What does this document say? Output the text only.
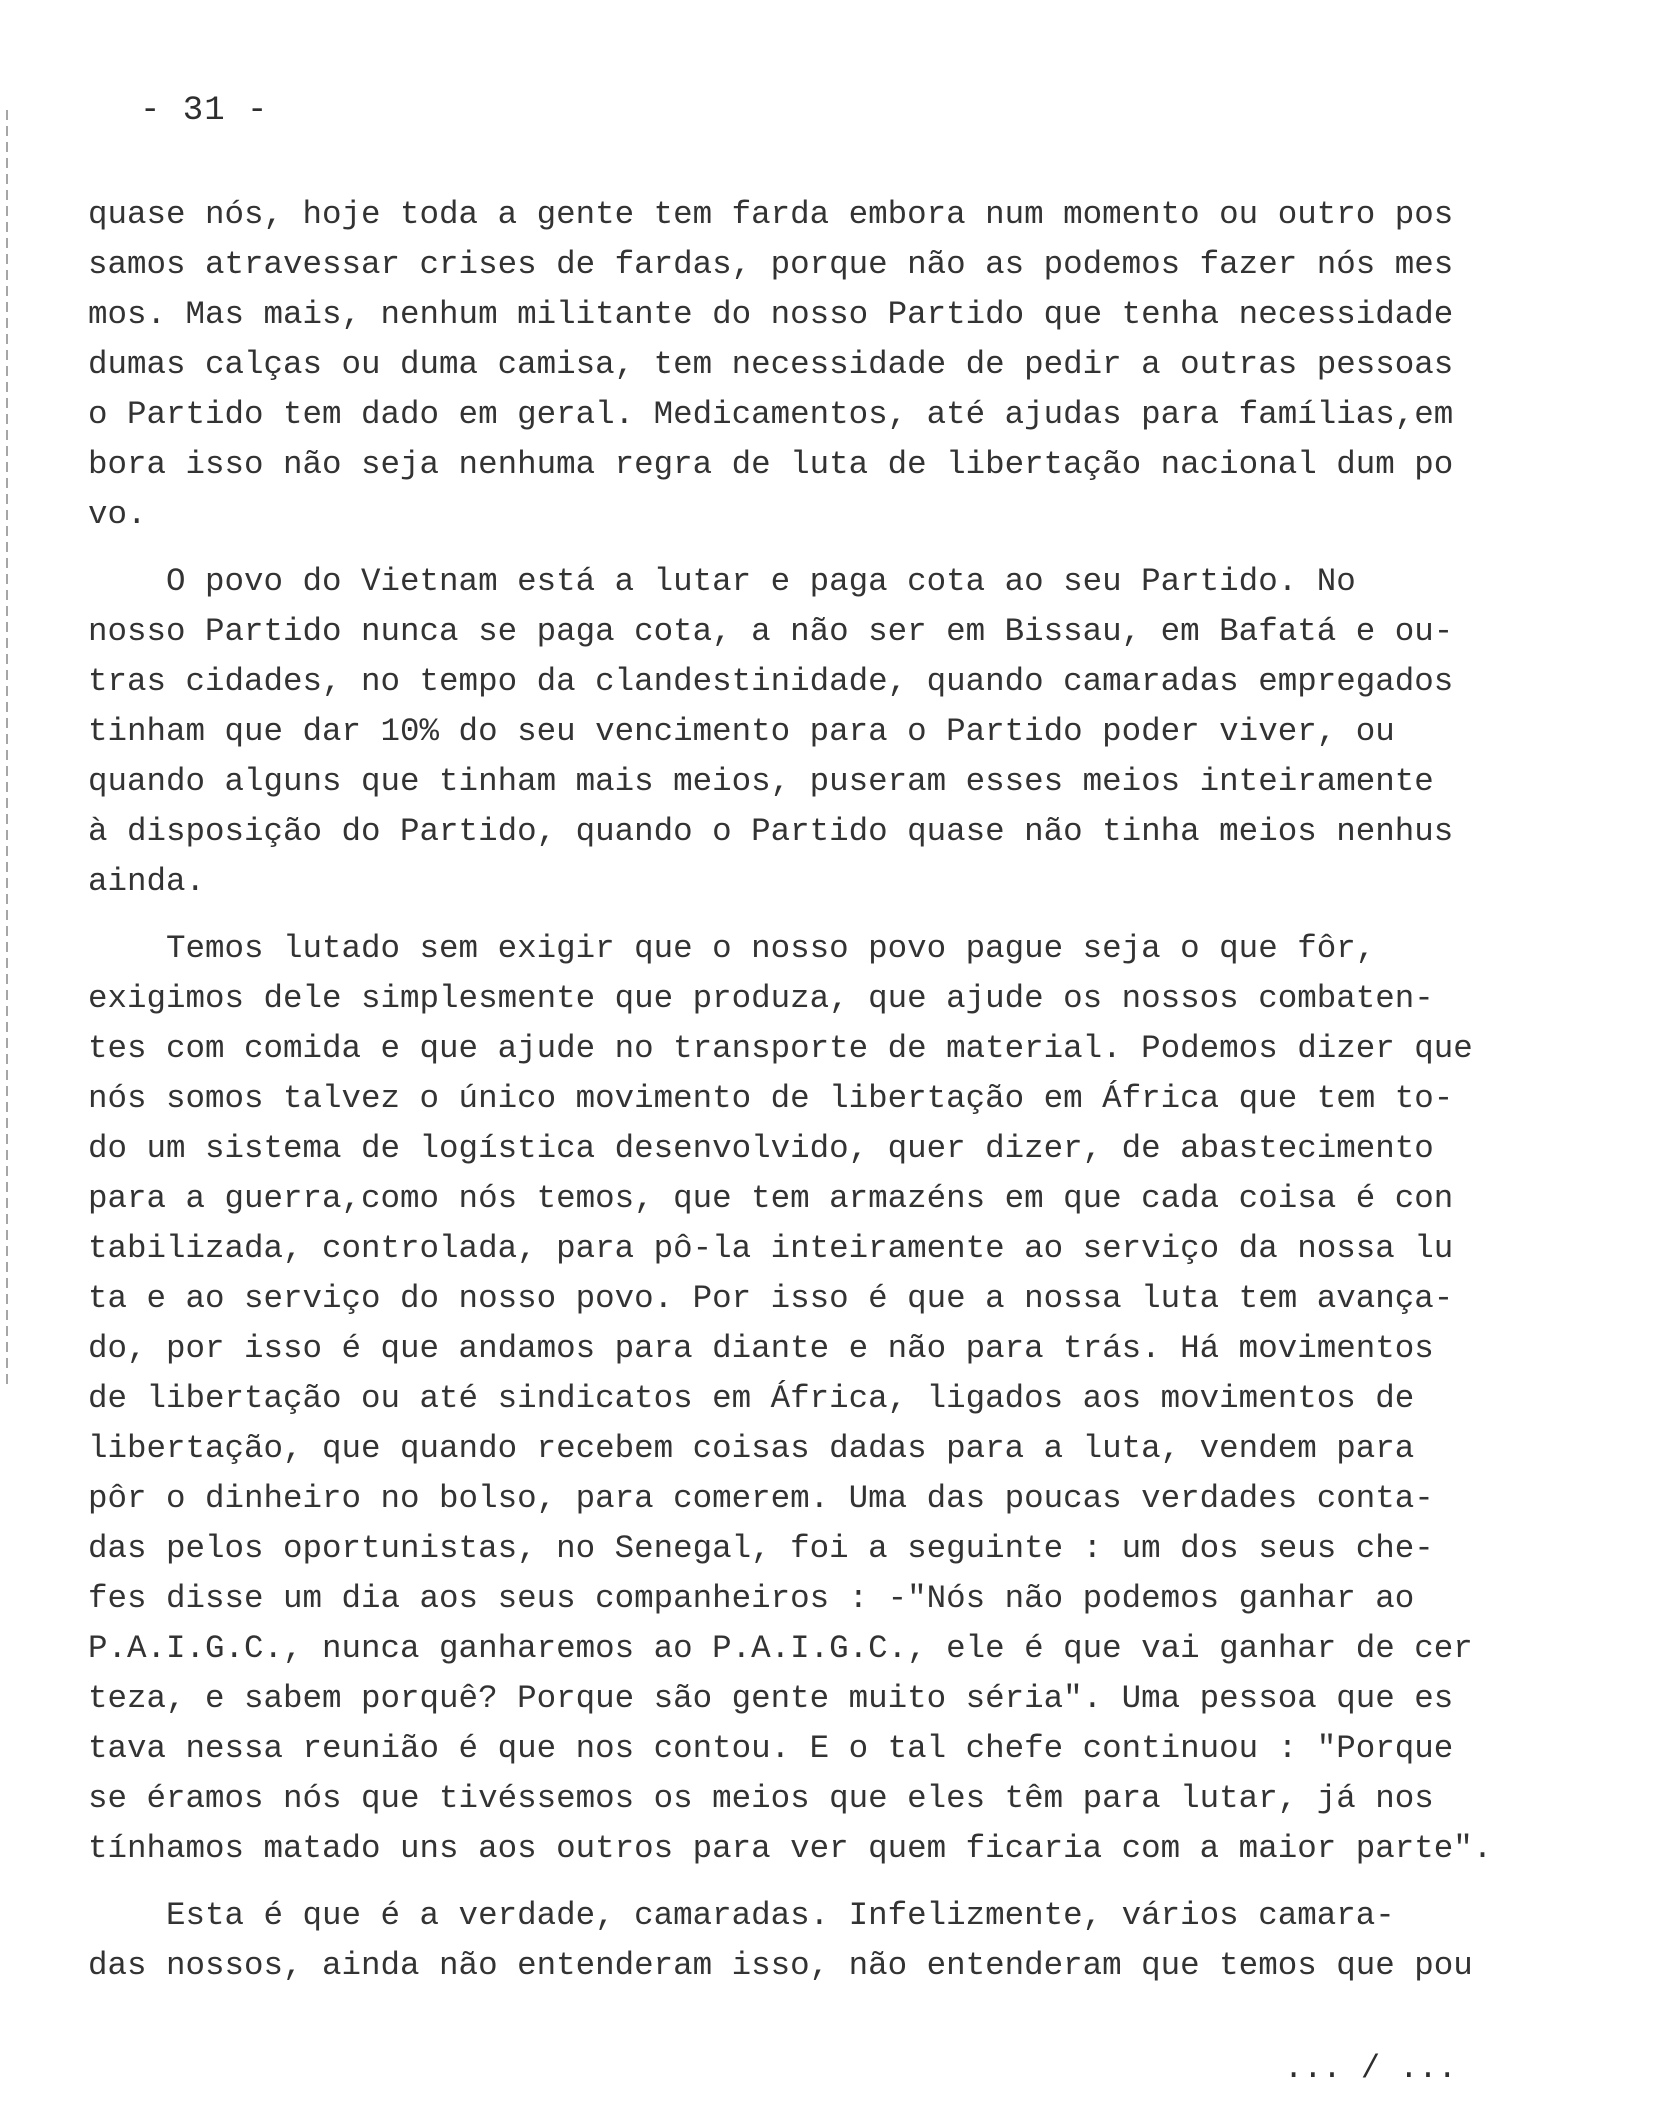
- 31 -

quase nós, hoje toda a gente tem farda embora num momento ou outro pos
samos atravessar crises de fardas, porque não as podemos fazer nós mes
mos. Mas mais, nenhum militante do nosso Partido que tenha necessidade
dumas calças ou duma camisa, tem necessidade de pedir a outras pessoas
o Partido tem dado em geral. Medicamentos, até ajudas para famílias,em
bora isso não seja nenhuma regra de luta de libertação nacional dum po
vo.

O povo do Vietnam está a lutar e paga cota ao seu Partido. No
nosso Partido nunca se paga cota, a não ser em Bissau, em Bafatá e ou-
tras cidades, no tempo da clandestinidade, quando camaradas empregados
tinham que dar 10% do seu vencimento para o Partido poder viver, ou
quando alguns que tinham mais meios, puseram esses meios inteiramente
à disposição do Partido, quando o Partido quase não tinha meios nenhus
ainda.

Temos lutado sem exigir que o nosso povo pague seja o que fôr,
exigimos dele simplesmente que produza, que ajude os nossos combaten-
tes com comida e que ajude no transporte de material. Podemos dizer que
nós somos talvez o único movimento de libertação em África que tem to-
do um sistema de logística desenvolvido, quer dizer, de abastecimento
para a guerra,como nós temos, que tem armazéns em que cada coisa é con
tabilizada, controlada, para pô-la inteiramente ao serviço da nossa lu
ta e ao serviço do nosso povo. Por isso é que a nossa luta tem avança-
do, por isso é que andamos para diante e não para trás. Há movimentos
de libertação ou até sindicatos em África, ligados aos movimentos de
libertação, que quando recebem coisas dadas para a luta, vendem para
pôr o dinheiro no bolso, para comerem. Uma das poucas verdades conta-
das pelos oportunistas, no Senegal, foi a seguinte : um dos seus che-
fes disse um dia aos seus companheiros : -"Nós não podemos ganhar ao
P.A.I.G.C., nunca ganharemos ao P.A.I.G.C., ele é que vai ganhar de cer
teza, e sabem porquê? Porque são gente muito séria". Uma pessoa que es
tava nessa reunião é que nos contou. E o tal chefe continuou : "Porque
se éramos nós que tivéssemos os meios que eles têm para lutar, já nos
tínhamos matado uns aos outros para ver quem ficaria com a maior parte".

Esta é que é a verdade, camaradas. Infelizmente, vários camara-
das nossos, ainda não entenderam isso, não entenderam que temos que pou

... / ...
